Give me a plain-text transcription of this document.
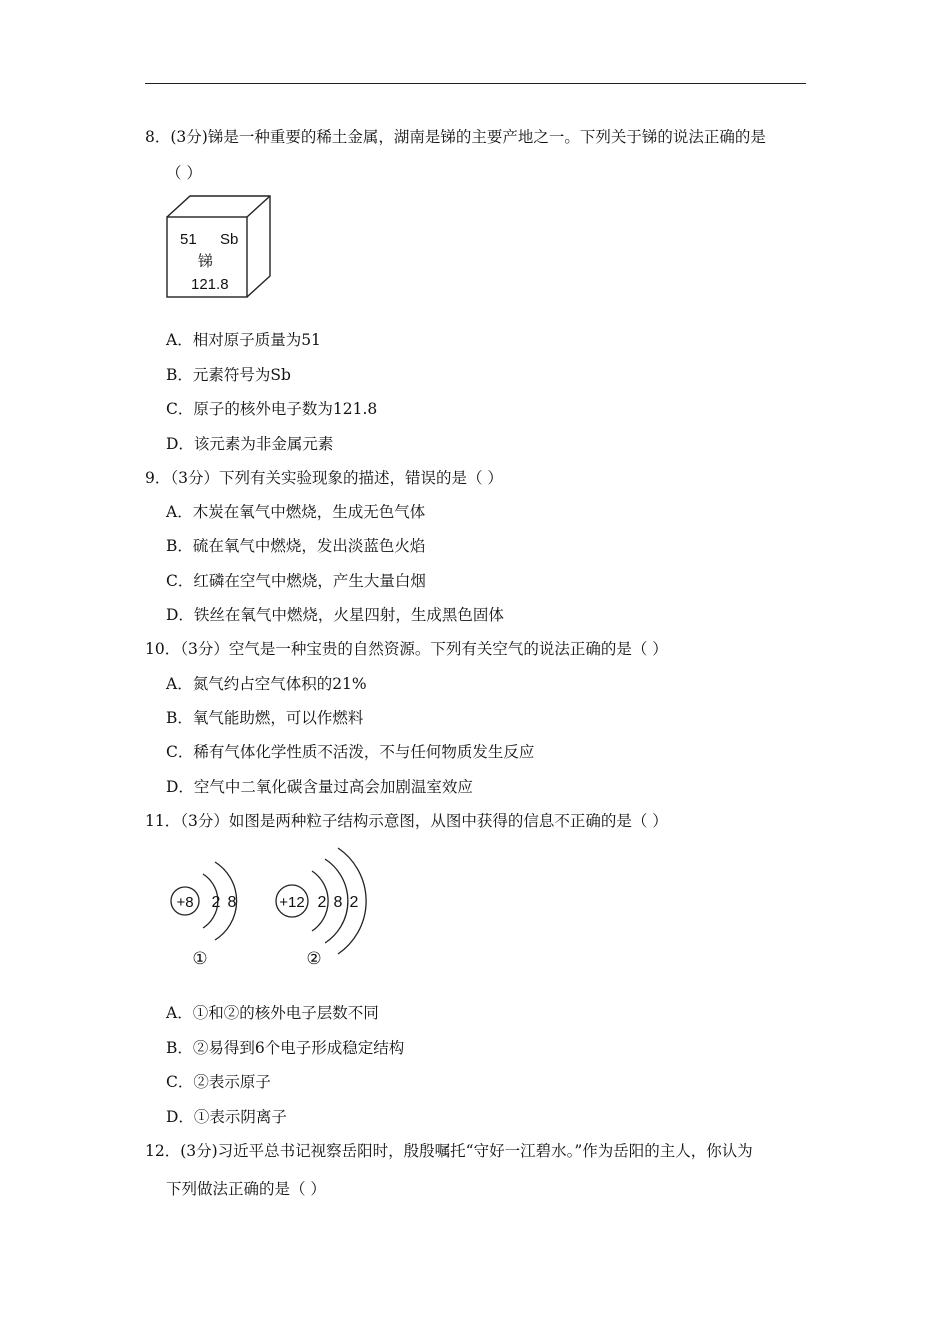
8．(3分)锑是一种重要的稀土金属，湖南是锑的主要产地之一。下列关于锑的说法正确的是
（ ）
51 Sb
锑
121.8
A．相对原子质量为51
B．元素符号为Sb
C．原子的核外电子数为121.8
D．该元素为非金属元素
9．（3分）下列有关实验现象的描述，错误的是（ ）
A．木炭在氧气中燃烧，生成无色气体
B．硫在氧气中燃烧，发出淡蓝色火焰
C．红磷在空气中燃烧，产生大量白烟
D．铁丝在氧气中燃烧，火星四射，生成黑色固体
10．（3分）空气是一种宝贵的自然资源。下列有关空气的说法正确的是（ ）
A．氮气约占空气体积的21%
B．氧气能助燃，可以作燃料
C．稀有气体化学性质不活泼，不与任何物质发生反应
D．空气中二氧化碳含量过高会加剧温室效应
11．（3分）如图是两种粒子结构示意图，从图中获得的信息不正确的是（ ）
+8 2 8
①
+12 2 8 2
②
A．①和②的核外电子层数不同
B．②易得到6个电子形成稳定结构
C．②表示原子
D．①表示阴离子
12．(3分)习近平总书记视察岳阳时，殷殷嘱托“守好一江碧水。”作为岳阳的主人，你认为
下列做法正确的是（ ）
